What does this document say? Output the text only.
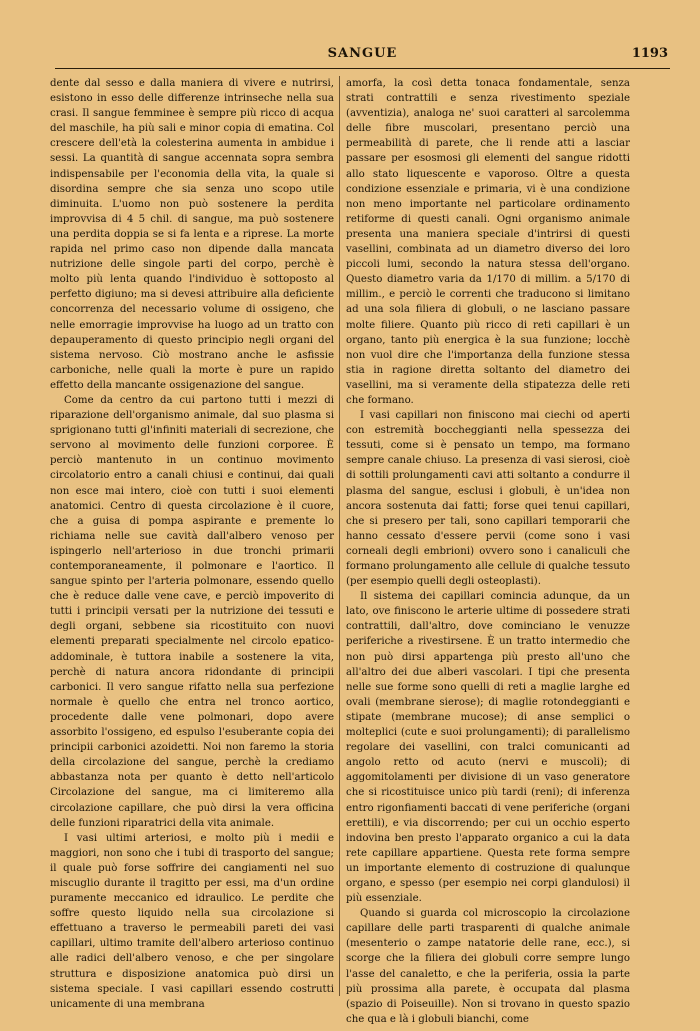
SANGUE	1193

dente dal sesso e dalla maniera di vivere e nutrirsi, esistono in esso delle differenze intrinseche nella sua crasi. Il sangue femminee è sempre più ricco di acqua del maschile, ha più sali e minor copia di ematina. Col crescere dell'età la colesterina aumenta in ambidue i sessi. La quantità di sangue accennata sopra sembra indispensabile per l'economia della vita, la quale si disordina sempre che sia senza uno scopo utile diminuita. L'uomo non può sostenere la perdita improvvisa di 4 5 chil. di sangue, ma può sostenere una perdita doppia se si fa lenta e a riprese. La morte rapida nel primo caso non dipende dalla mancata nutrizione delle singole parti del corpo, perchè è molto più lenta quando l'individuo è sottoposto al perfetto digiuno; ma si devesi attribuire alla deficiente concorrenza del necessario volume di ossigeno, che nelle emorragie improvvise ha luogo ad un tratto con depauperamento di questo principio negli organi del sistema nervoso. Ciò mostrano anche le asfissie carboniche, nelle quali la morte è pure un rapido effetto della mancante ossigenazione del sangue.

Come da centro da cui partono tutti i mezzi di riparazione dell'organismo animale, dal suo plasma si sprigionano tutti gl'infiniti materiali di secrezione, che servono al movimento delle funzioni corporee. È perciò mantenuto in un continuo movimento circolatorio entro a canali chiusi e continui, dai quali non esce mai intero, cioè con tutti i suoi elementi anatomici. Centro di questa circolazione è il cuore, che a guisa di pompa aspirante e premente lo richiama nelle sue cavità dall'albero venoso per ispingerlo nell'arterioso in due tronchi primarii contemporaneamente, il polmonare e l'aortico. Il sangue spinto per l'arteria polmonare, essendo quello che è reduce dalle vene cave, e perciò impoverito di tutti i principii versati per la nutrizione dei tessuti e degli organi, sebbene sia ricostituito con nuovi elementi preparati specialmente nel circolo epatico-addominale, è tuttora inabile a sostenere la vita, perchè di natura ancora ridondante di principii carbonici. Il vero sangue rifatto nella sua perfezione normale è quello che entra nel tronco aortico, procedente dalle vene polmonari, dopo avere assorbito l'ossigeno, ed espulso l'esuberante copia dei principii carbonici azoidetti. Noi non faremo la storia della circolazione del sangue, perchè la crediamo abbastanza nota per quanto è detto nell'articolo Circolazione del sangue, ma ci limiteremo alla circolazione capillare, che può dirsi la vera officina delle funzioni riparatrici della vita animale.

I vasi ultimi arteriosi, e molto più i medii e maggiori, non sono che i tubi di trasporto del sangue; il quale può forse soffrire dei cangiamenti nel suo miscuglio durante il tragitto per essi, ma d'un ordine puramente meccanico ed idraulico. Le perdite che soffre questo liquido nella sua circolazione si effettuano a traverso le permeabili pareti dei vasi capillari, ultimo tramite dell'albero arterioso continuo alle radici dell'albero venoso, e che per singolare struttura e disposizione anatomica può dirsi un sistema speciale. I vasi capillari essendo costrutti unicamente di una membrana

amorfa, la così detta tonaca fondamentale, senza strati contrattili e senza rivestimento speziale (avventizia), analoga ne' suoi caratteri al sarcolemma delle fibre muscolari, presentano perciò una permeabilità di parete, che li rende atti a lasciar passare per esosmosi gli elementi del sangue ridotti allo stato liquescente e vaporoso. Oltre a questa condizione essenziale e primaria, vi è una condizione non meno importante nel particolare ordinamento retiforme di questi canali. Ogni organismo animale presenta una maniera speciale d'intrirsi di questi vasellini, combinata ad un diametro diverso dei loro piccoli lumi, secondo la natura stessa dell'organo. Questo diametro varia da 1/170 di millim. a 5/170 di millim., e perciò le correnti che traducono si limitano ad una sola filiera di globuli, o ne lasciano passare molte filiere. Quanto più ricco di reti capillari è un organo, tanto più energica è la sua funzione; locchè non vuol dire che l'importanza della funzione stessa stia in ragione diretta soltanto del diametro dei vasellini, ma si veramente della stipatezza delle reti che formano.

I vasi capillari non finiscono mai ciechi od aperti con estremità boccheggianti nella spessezza dei tessuti, come si è pensato un tempo, ma formano sempre canale chiuso. La presenza di vasi sierosi, cioè di sottili prolungamenti cavi atti soltanto a condurre il plasma del sangue, esclusi i globuli, è un'idea non ancora sostenuta dai fatti; forse quei tenui capillari, che si presero per tali, sono capillari temporarii che hanno cessato d'essere pervii (come sono i vasi corneali degli embrioni) ovvero sono i canaliculi che formano prolungamento alle cellule di qualche tessuto (per esempio quelli degli osteoplasti).

Il sistema dei capillari comincia adunque, da un lato, ove finiscono le arterie ultime di possedere strati contrattili, dall'altro, dove cominciano le venuzze periferiche a rivestirsene. È un tratto intermedio che non può dirsi appartenga più presto all'uno che all'altro dei due alberi vascolari. I tipi che presenta nelle sue forme sono quelli di reti a maglie larghe ed ovali (membrane sierose); di maglie rotondeggianti e stipate (membrane mucose); di anse semplici o molteplici (cute e suoi prolungamenti); di parallelismo regolare dei vasellini, con tralci comunicanti ad angolo retto od acuto (nervi e muscoli); di aggomitolamenti per divisione di un vaso generatore che si ricostituisce unico più tardi (reni); di inferenza entro rigonfiamenti baccati di vene periferiche (organi erettili), e via discorrendo; per cui un occhio esperto indovina ben presto l'apparato organico a cui la data rete capillare appartiene. Questa rete forma sempre un importante elemento di costruzione di qualunque organo, e spesso (per esempio nei corpi glandulosi) il più essenziale.

Quando si guarda col microscopio la circolazione capillare delle parti trasparenti di qualche animale (mesenterio o zampe natatorie delle rane, ecc.), si scorge che la filiera dei globuli corre sempre lungo l'asse del canaletto, e che la periferia, ossia la parte più prossima alla parete, è occupata dal plasma (spazio di Poiseuille). Non si trovano in questo spazio che qua e là i globuli bianchi, come
